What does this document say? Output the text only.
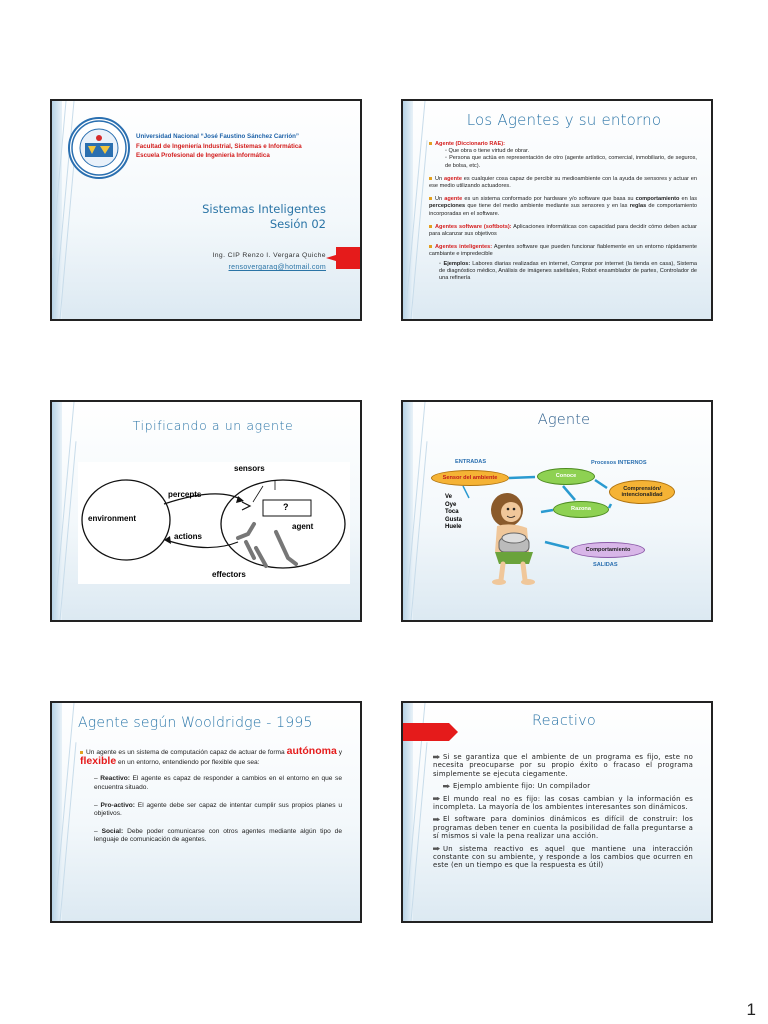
Universidad Nacional “José Faustino Sánchez Carrión”
Facultad de Ingeniería Industrial, Sistemas e Informática
Escuela Profesional de Ingeniería Informática
Sistemas Inteligentes
Sesión 02
Ing. CIP Renzo I. Vergara Quiche
rensovergaraq@hotmail.com
Los Agentes y su entorno

Agente (Diccionario RAE):
◦ Que obra o tiene virtud de obrar.

◦ Persona que actúa en representación de otro (agente artístico, comercial, inmobiliario, de seguros, de bolsa, etc).

Un agente es cualquier cosa capaz de percibir su medioambiente con la ayuda de sensores y actuar en ese medio utilizando actuadores.

Un agente es un sistema conformado por hardware y/o software que basa su comportamiento en las percepciones que tiene del medio ambiente mediante sus sensores y en las reglas de comportamiento incorporadas en el software.

Agentes software (softbots): Aplicaciones informáticas con capacidad para decidir cómo deben actuar para alcanzar sus objetivos

Agentes inteligentes: Agentes software que pueden funcionar fiablemente en un entorno rápidamente cambiante e impredecible

◦ Ejemplos: Labores diarias realizadas en internet, Comprar por internet (la tienda en casa), Sistema de diagnóstico médico, Análisis de imágenes satelitales, Robot ensamblador de partes, Controlador de una refinería

Tipificando a un agente
sensors
percepts
environment
actions
agent
?
effectors
Agente
ENTRADAS	Procesos INTERNOS
Sensor del ambiente	Conoce
Comprensión/ intencionalidad
Razona
Comportamiento
SALIDAS
Ve
Oye
Toca
Gusta
Huele
Agente según Wooldridge - 1995

Un agente es un sistema de computación capaz de actuar de forma autónoma y flexible en un entorno, entendiendo por flexible que sea:

– Reactivo: El agente es capaz de responder a cambios en el entorno en que se encuentra situado.

– Pro-activo: El agente debe ser capaz de intentar cumplir sus propios planes u objetivos.

– Social: Debe poder comunicarse con otros agentes mediante algún tipo de lenguaje de comunicación de agentes.

Reactivo

Si se garantiza que el ambiente de un programa es fijo, este no necesita preocuparse por su propio éxito o fracaso el programa simplemente se ejecuta ciegamente.

Ejemplo ambiente fijo: Un compilador

El mundo real no es fijo: las cosas cambian y la información es incompleta. La mayoría de los ambientes interesantes son dinámicos.

El software para dominios dinámicos es difícil de construir: los programas deben tener en cuenta la posibilidad de falla preguntarse a sí mismos si vale la pena realizar una acción.

Un sistema reactivo es aquel que mantiene una interacción constante con su ambiente, y responde a los cambios que ocurren en este (en un tiempo es que la respuesta es útil)

1
